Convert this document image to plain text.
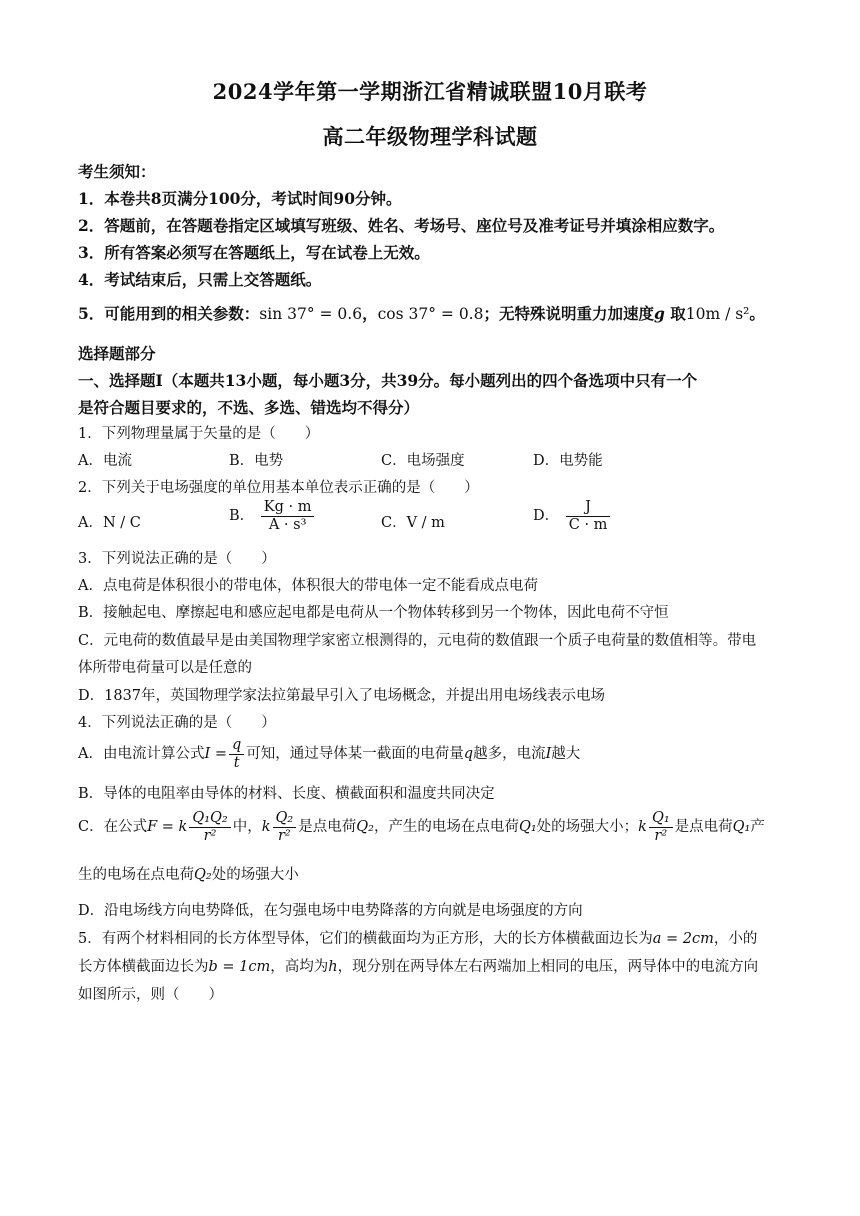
2024学年第一学期浙江省精诚联盟10月联考
高二年级物理学科试题
考生须知：
1．本卷共8页满分100分，考试时间90分钟。
2．答题前，在答题卷指定区域填写班级、姓名、考场号、座位号及准考证号并填涂相应数字。
3．所有答案必须写在答题纸上，写在试卷上无效。
4．考试结束后，只需上交答题纸。
5．可能用到的相关参数：sin 37° = 0.6，cos 37° = 0.8；无特殊说明重力加速度g 取10m / s²。
选择题部分
一、选择题Ⅰ（本题共13小题，每小题3分，共39分。每小题列出的四个备选项中只有一个
是符合题目要求的，不选、多选、错选均不得分）
1．下列物理量属于矢量的是（　　）
A．电流	B．电势	C．电场强度	D．电势能
2．下列关于电场强度的单位用基本单位表示正确的是（　　）
A．N / C	B． $\frac{Kg \cdot m}{\text{A · s³}}$	C．V / m	D． $\frac{J}{C \cdot m}$
3．下列说法正确的是（　　）
A．点电荷是体积很小的带电体，体积很大的带电体一定不能看成点电荷
B．接触起电、摩擦起电和感应起电都是电荷从一个物体转移到另一个物体，因此电荷不守恒
C．元电荷的数值最早是由美国物理学家密立根测得的，元电荷的数值跟一个质子电荷量的数值相等。带电
体所带电荷量可以是任意的
D．1837年，英国物理学家法拉第最早引入了电场概念，并提出用电场线表示电场
4．下列说法正确的是（　　）
A．由电流计算公式$I = \frac{q}{t}$ 可知，通过导体某一截面的电荷量q越多，电流I越大
B．导体的电阻率由导体的材料、长度、横截面积和温度共同决定
C．在公式F = k $\frac{\text{Q₁Q₂}}{\text{r²}}$ 中，k $\frac{\text{Q₂}}{\text{r²}}$ 是点电荷Q₂，产生的电场在点电荷Q₁处的场强大小；k $\frac{\text{Q₁}}{\text{r²}}$ 是点电荷Q₁产
生的电场在点电荷Q₂处的场强大小
D．沿电场线方向电势降低，在匀强电场中电势降落的方向就是电场强度的方向
5．有两个材料相同的长方体型导体，它们的横截面均为正方形，大的长方体横截面边长为a = 2cm，小的
长方体横截面边长为b = 1cm，高均为h，现分别在两导体左右两端加上相同的电压，两导体中的电流方向
如图所示，则（　　）
